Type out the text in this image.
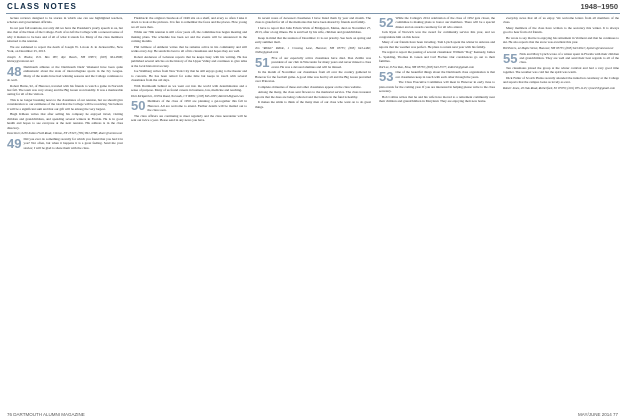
CLASS NOTES	1948–1950

lecture reviews designed to be stories in which one can see highlighted teachers, scholars and government officials.

In our past fall reunions, not only did we have the President's yearly speech to us, but also that of the Dean of the College. Each of us left the College with a renewed sense of why it matters to be here and of all of what it stands for. Many of the class members returned to the reunion.

We are saddened to report the death of Joseph W. Lavoie Jr. in Jacksonville, New York, on December 25, 2013.

Joseph S. Blaine, P.O. Box 987, Rye Beach, NH 03871; (603) 964-9996; blainey@comcast.net

48 Dartmouth athletes at the Dartmouth Dads' Weekend have been quite enthusiastic about the state of intercollegiate sports in the Ivy League. Many of the teams have had winning seasons and the College continues to do well.

Robert Burns, 92, of Hanover, traveled with his friends to watch a game in Norwich last fall. The team was very strong and the Big Green won handily. It was a memorable outing for all of the visitors.

This is no longer breaking news to the classmates of our reunion, but we should give consideration to our estimates of the total that the College will be receiving. We believe it will be a significant sum and that our gift will be among the very largest.

Hugh Killeen writes that after selling his company he enjoyed travel, visiting children and grandchildren, and spending several winters in Florida. He is in good health and hopes to see everyone at the next reunion. His address is in the class directory.

Dave Kurr, 6250 Indian Field Road, Clinton, NY 13323; (781) 891-0788; dkurr@verizon.net

49 Did you ever do something recently for which you found that you had it in you? Not often, but when it happens it is a great feeling. Send me your stories; I will be glad to share them with the class.

Flashback: the original classbook of 1949 sits on a shelf, and every so often I take it down to look at the pictures. It is fun to remember the faces and the places. How young we all were then.

While our 70th reunion is still a few years off, the committee has begun meeting and making plans. The schedule has been set and the events will be announced in the coming months.

Phil Gilmore of Amherst writes that he remains active in his community and still walks every day. He sends his best to all of his classmates and hopes they are well.

Robert Anderson of Lebanon reports that he keeps busy with his writing. He has published several articles on the history of the Upper Valley and continues to give talks at the local historical society.

Joe Wahlberg writes from New York City that he still enjoys going to the theater and to concerts. He has been retired for some time but keeps in touch with several classmates from the old days.

With Dartmouth behind us we went out into the world with determination and a sense of purpose. Many of us found careers in business, law, medicine and teaching.

Dick Kirkpatrick, 10 Elm Road, Norwalk, CT 06851; (203) 845-2095; dkirk1949@aol.com

50 Members of the class of 1950 are planning a get-together this fall in Hanover. All are welcome to attend. Further details will be mailed out to the class soon.

The class officers are continuing to meet regularly and the class newsletter will be sent out twice a year. Please send in any news you have.

In recent notes of deceased classmates I have listed them by year and month. The class is grateful for all of the memories that have been shared by friends and family.

I have to report that John Edwin Watts of Bridgeport, Maine, died on November 27, 2013, after a long illness. He is survived by his wife, children and grandchildren.

Keep in mind that the reunion of December 11 is our priority. See back on spring and early summer mail.

Jim "Ribble" Ribble, 1 Crossing Lane, Hanover, NH 03755; (603) 643-4482; ribble@gmail.com

51 Five of our especially active classmates have died. Don Zeitlin was president of our club in Wisconsin for many years and never missed a class event. He was a devoted alumnus and will be missed.

In the month of November our classmates from all over the country gathered in Hanover for the football game. A good time was had by all and the Big Green prevailed over Princeton.

Complete obituaries of these and other classmates appear on the class website.

Among the many, the class sent flowers to the memorial service. The class treasurer reports that the dues are being collected and the balance in the fund is healthy.

It makes me smile to think of the many men of our class who went on to do great things.

52 While the College's 2014 celebration of the class of 1952 gets closer, the committee is making plans to honor our members. There will be a special dinner and an awards ceremony for all who attend.

Jack Ryan of Norwich won the award for community service this year, and we congratulate him on this honor.

Many of our friends have been traveling. Tom Lynch spent the winter in Arizona and reports that the weather was perfect. He plans to return next year with his family.

We regret to report the passing of several classmates: William "Dog" Kennedy, James L. Spalding, Thomas R. Green and Carl Fischer. Our condolences go out to their families.

Ted Lee, 8 Fox Run, Etna, NH 03750; (603) 643-5577; tedlee52@gmail.com

53 One of the beautiful things about the Dartmouth class organization is that our classmates keep in touch with each other through the years.

The Class Executive Committee will meet in Hanover in early June to plan events for the coming year. If you are interested in helping please write to the class secretary.

Bob Collins writes that he and his wife have moved to a retirement community near their children and grandchildren in Maryland. They are enjoying their new home.

everyday news that all of us enjoy. We welcome letters from all members of the class.

Many members of the class have written to the secretary this winter. It is always good to hear from old friends.

He wrote to say that he is enjoying his retirement in Vermont and that he continues to ski. He also reports that the snow was excellent this year.

Bill Peters, 42 Maple Street, Hanover, NH 03755; (603) 643-9021; bpeters@comcast.net

55 Nick and Mary Lynch wrote of a winter spent in Florida with their children and grandchildren. They are well and send their best regards to all of the class.

Ten classmates joined the group at the winter carnival and had a very good time together. The weather was cold but the spirit was warm.

Dick Fuller of Scotch Plains recently attended the induction ceremony at the College and reports that the campus looks as lovely as ever.

Robert Jones, 20 Oak Road, Rutherford, NJ 07070; (201) 935-1145; rjones55@gmail.com

76 DARTMOUTH ALUMNI MAGAZINE	MAY/JUNE 2014 77
